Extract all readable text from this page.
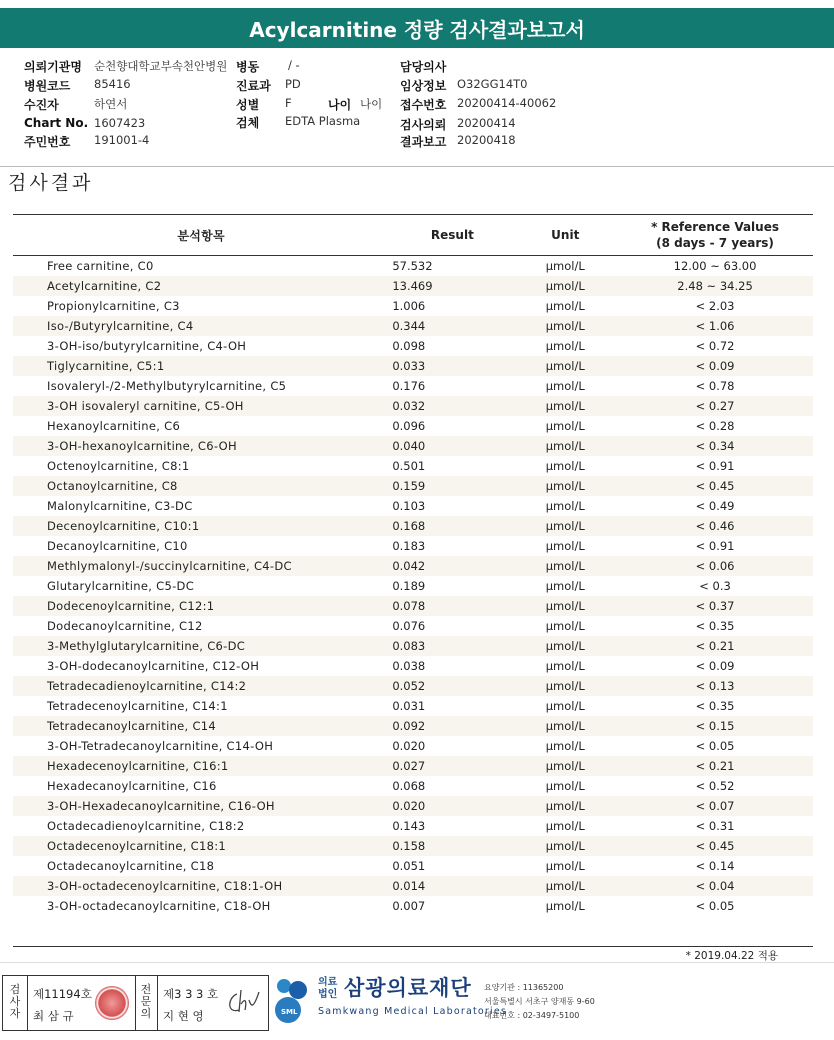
Acylcarnitine 정량 검사결과보고서
의뢰기관명 순천향대학교부속천안병원 병동	/ -	담당의사
병원코드 85416	진료과 PD	임상정보 O32GG14T0
수진자	하연서	성별 F	나이 나이 접수번호 20200414-40062
Chart No. 1607423	검체 EDTA Plasma	검사의뢰 20200414
주민번호 191001-4	결과보고 20200418
검사결과
분석항목	Result	Unit	* Reference Values
(8 days - 7 years)

Free carnitine, C0	57.532	μmol/L	12.00 ~ 63.00
Acetylcarnitine, C2	13.469	μmol/L	2.48 ~ 34.25
Propionylcarnitine, C3	1.006	μmol/L	< 2.03
Iso-/Butyrylcarnitine, C4	0.344	μmol/L	< 1.06
3-OH-iso/butyrylcarnitine, C4-OH	0.098	μmol/L	< 0.72
Tiglycarnitine, C5:1	0.033	μmol/L	< 0.09
Isovaleryl-/2-Methylbutyrylcarnitine, C5	0.176	μmol/L	< 0.78
3-OH isovaleryl carnitine, C5-OH	0.032	μmol/L	< 0.27
Hexanoylcarnitine, C6	0.096	μmol/L	< 0.28
3-OH-hexanoylcarnitine, C6-OH	0.040	μmol/L	< 0.34
Octenoylcarnitine, C8:1	0.501	μmol/L	< 0.91
Octanoylcarnitine, C8	0.159	μmol/L	< 0.45
Malonylcarnitine, C3-DC	0.103	μmol/L	< 0.49
Decenoylcarnitine, C10:1	0.168	μmol/L	< 0.46
Decanoylcarnitine, C10	0.183	μmol/L	< 0.91
Methlymalonyl-/succinylcarnitine, C4-DC	0.042	μmol/L	< 0.06
Glutarylcarnitine, C5-DC	0.189	μmol/L	< 0.3
Dodecenoylcarnitine, C12:1	0.078	μmol/L	< 0.37
Dodecanoylcarnitine, C12	0.076	μmol/L	< 0.35
3-Methylglutarylcarnitine, C6-DC	0.083	μmol/L	< 0.21
3-OH-dodecanoylcarnitine, C12-OH	0.038	μmol/L	< 0.09
Tetradecadienoylcarnitine, C14:2	0.052	μmol/L	< 0.13
Tetradecenoylcarnitine, C14:1	0.031	μmol/L	< 0.35
Tetradecanoylcarnitine, C14	0.092	μmol/L	< 0.15
3-OH-Tetradecanoylcarnitine, C14-OH	0.020	μmol/L	< 0.05
Hexadecenoylcarnitine, C16:1	0.027	μmol/L	< 0.21
Hexadecanoylcarnitine, C16	0.068	μmol/L	< 0.52
3-OH-Hexadecanoylcarnitine, C16-OH	0.020	μmol/L	< 0.07
Octadecadienoylcarnitine, C18:2	0.143	μmol/L	< 0.31
Octadecenoylcarnitine, C18:1	0.158	μmol/L	< 0.45
Octadecanoylcarnitine, C18	0.051	μmol/L	< 0.14
3-OH-octadecenoylcarnitine, C18:1-OH	0.014	μmol/L	< 0.04
3-OH-octadecanoylcarnitine, C18-OH	0.007	μmol/L	< 0.05
* 2019.04.22 적용
검사자
제11194호
최 삼 규
전문의
제3 3 3 호
지 현 영	SML
의료
법인 삼광의료재단
Samkwang Medical Laboratories
요양기관 : 11365200
서울특별시 서초구 양재동 9-60
대표번호 : 02-3497-5100
